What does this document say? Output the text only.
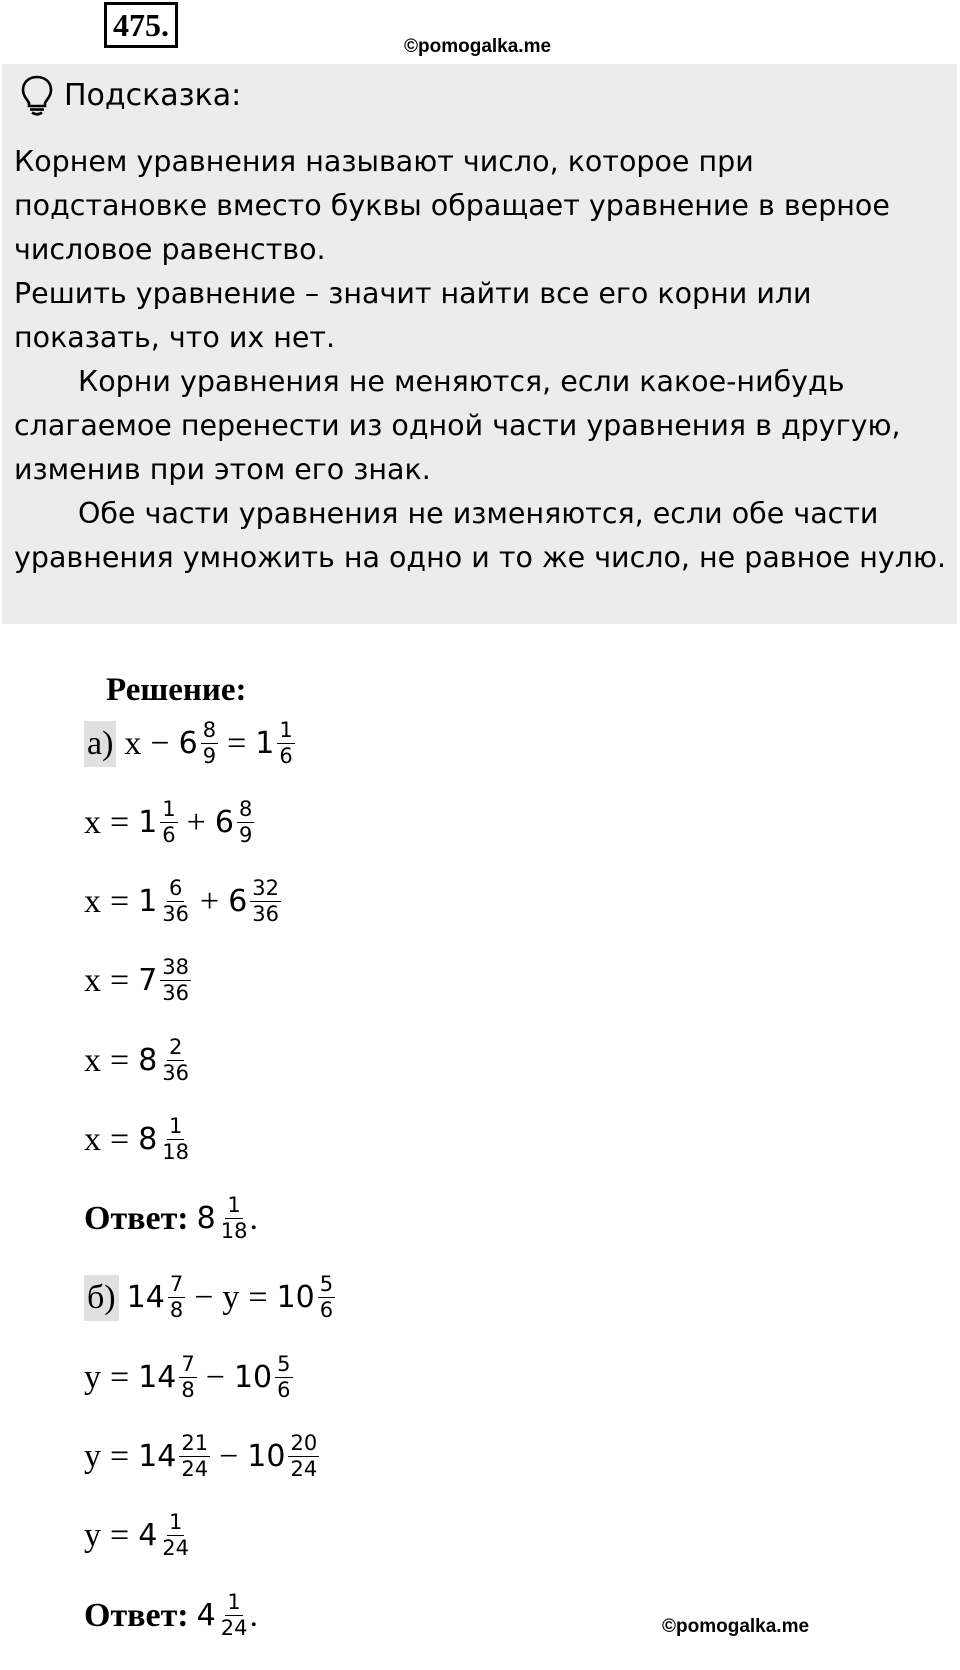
475.
©pomogalka.me
Подсказка:

Корнем уравнения называют число, которое при подстановке вместо буквы обращает уравнение в верное числовое равенство.

Решить уравнение – значит найти все его корни или показать, что их нет.

Корни уравнения не меняются, если какое-нибудь слагаемое перенести из одной части уравнения в другую, изменив при этом его знак.

Обе части уравнения не изменяются, если обе части уравнения умножить на одно и то же число, не равное нулю.

Решение:
а) $x - 6 \frac{8}{9} = 1 \frac{1}{6}$
$x = 1 \frac{1}{6} + 6 \frac{8}{9}$
$x = 1 \frac{6}{36} + 6 \frac{32}{36}$
$x = 7 \frac{38}{36}$
$x = 8 \frac{2}{36}$
$x = 8 \frac{1}{18}$
Ответ: $8 \frac{1}{18}$ .
б) $14 \frac{7}{8} - y = 10 \frac{5}{6}$
$y = 14 \frac{7}{8} - 10 \frac{5}{6}$
$y = 14 \frac{21}{24} - 10 \frac{20}{24}$
$y = 4 \frac{1}{24}$
Ответ: $4 \frac{1}{24}$ .	©pomogalka.me
